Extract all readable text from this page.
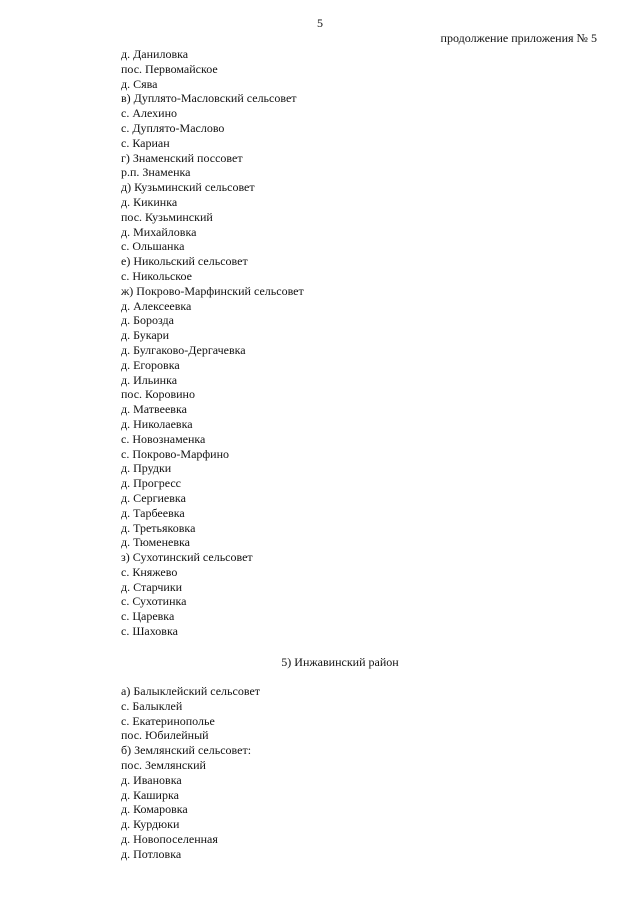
5
продолжение приложения № 5
д. Даниловка
пос. Первомайское
д. Сява
в) Дуплято-Масловский сельсовет
с. Алехино
с. Дуплято-Маслово
с. Кариан
г) Знаменский поссовет
р.п. Знаменка
д) Кузьминский сельсовет
д. Кикинка
пос. Кузьминский
д. Михайловка
с. Ольшанка
е) Никольский сельсовет
с. Никольское
ж) Покрово-Марфинский сельсовет
д. Алексеевка
д. Борозда
д. Букари
д. Булгаково-Дергачевка
д. Егоровка
д. Ильинка
пос. Коровино
д. Матвеевка
д. Николаевка
с. Новознаменка
с. Покрово-Марфино
д. Прудки
д. Прогресс
д. Сергиевка
д. Тарбеевка
д. Третьяковка
д. Тюменевка
з) Сухотинский сельсовет
с. Княжево
д. Старчики
с. Сухотинка
с. Царевка
с. Шаховка
5) Инжавинский район
а) Балыклейский сельсовет
с. Балыклей
с. Екатеринополье
пос. Юбилейный
б) Землянский сельсовет:
пос. Землянский
д. Ивановка
д. Каширка
д. Комаровка
д. Курдюки
д. Новопоселенная
д. Потловка
